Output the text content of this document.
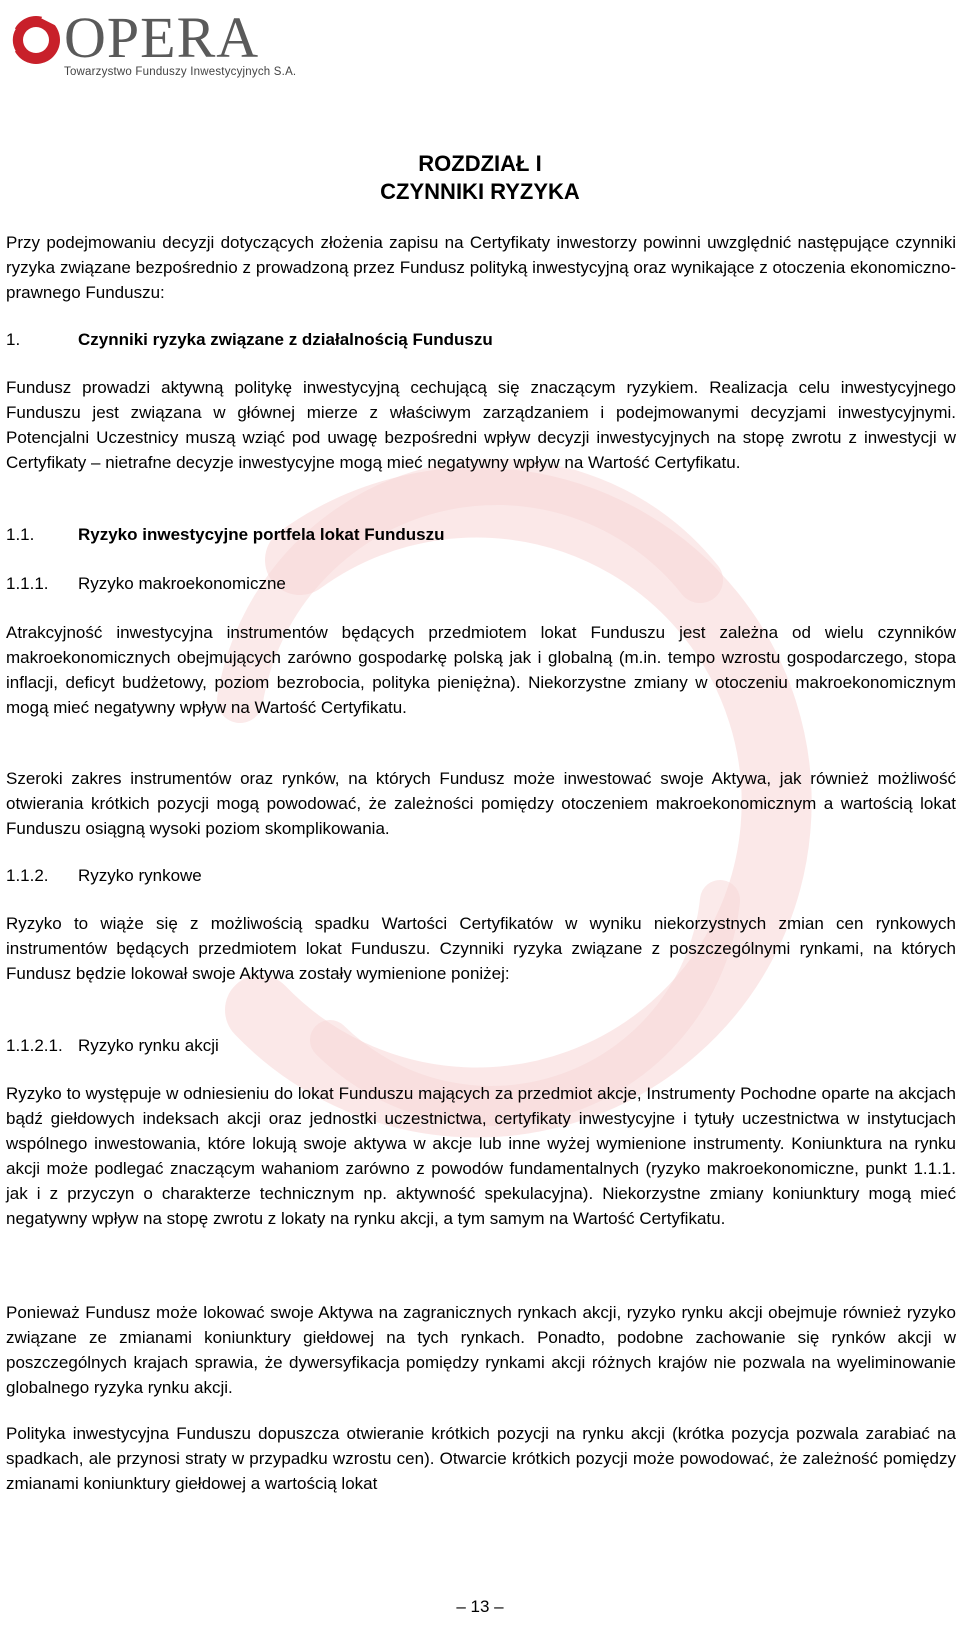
OPERA
Towarzystwo Funduszy Inwestycyjnych S.A.
ROZDZIAŁ I
CZYNNIKI RYZYKA
Przy podejmowaniu decyzji dotyczących złożenia zapisu na Certyfikaty inwestorzy powinni uwzględnić następujące czynniki ryzyka związane bezpośrednio z prowadzoną przez Fundusz polityką inwestycyjną oraz wynikające z otoczenia ekonomiczno-prawnego Funduszu:
1.	Czynniki ryzyka związane z działalnością Funduszu
Fundusz prowadzi aktywną politykę inwestycyjną cechującą się znaczącym ryzykiem. Realizacja celu inwestycyjnego Funduszu jest związana w głównej mierze z właściwym zarządzaniem i podejmowanymi decyzjami inwestycyjnymi. Potencjalni Uczestnicy muszą wziąć pod uwagę bezpośredni wpływ decyzji inwestycyjnych na stopę zwrotu z inwestycji w Certyfikaty – nietrafne decyzje inwestycyjne mogą mieć negatywny wpływ na Wartość Certyfikatu.
1.1.	Ryzyko inwestycyjne portfela lokat Funduszu
1.1.1. Ryzyko makroekonomiczne
Atrakcyjność inwestycyjna instrumentów będących przedmiotem lokat Funduszu jest zależna od wielu czynników makroekonomicznych obejmujących zarówno gospodarkę polską jak i globalną (m.in. tempo wzrostu gospodarczego, stopa inflacji, deficyt budżetowy, poziom bezrobocia, polityka pieniężna). Niekorzystne zmiany w otoczeniu makroekonomicznym mogą mieć negatywny wpływ na Wartość Certyfikatu.
Szeroki zakres instrumentów oraz rynków, na których Fundusz może inwestować swoje Aktywa, jak również możliwość otwierania krótkich pozycji mogą powodować, że zależności pomiędzy otoczeniem makroekonomicznym a wartością lokat Funduszu osiągną wysoki poziom skomplikowania.
1.1.2. Ryzyko rynkowe
Ryzyko to wiąże się z możliwością spadku Wartości Certyfikatów w wyniku niekorzystnych zmian cen rynkowych instrumentów będących przedmiotem lokat Funduszu. Czynniki ryzyka związane z poszczególnymi rynkami, na których Fundusz będzie lokował swoje Aktywa zostały wymienione poniżej:
1.1.2.1. Ryzyko rynku akcji
Ryzyko to występuje w odniesieniu do lokat Funduszu mających za przedmiot akcje, Instrumenty Pochodne oparte na akcjach bądź giełdowych indeksach akcji oraz jednostki uczestnictwa, certyfikaty inwestycyjne i tytuły uczestnictwa w instytucjach wspólnego inwestowania, które lokują swoje aktywa w akcje lub inne wyżej wymienione instrumenty. Koniunktura na rynku akcji może podlegać znaczącym wahaniom zarówno z powodów fundamentalnych (ryzyko makroekonomiczne, punkt 1.1.1. jak i z przyczyn o charakterze technicznym np. aktywność spekulacyjna). Niekorzystne zmiany koniunktury mogą mieć negatywny wpływ na stopę zwrotu z lokaty na rynku akcji, a tym samym na Wartość Certyfikatu.
Ponieważ Fundusz może lokować swoje Aktywa na zagranicznych rynkach akcji, ryzyko rynku akcji obejmuje również ryzyko związane ze zmianami koniunktury giełdowej na tych rynkach. Ponadto, podobne zachowanie się rynków akcji w poszczególnych krajach sprawia, że dywersyfikacja pomiędzy rynkami akcji różnych krajów nie pozwala na wyeliminowanie globalnego ryzyka rynku akcji.
Polityka inwestycyjna Funduszu dopuszcza otwieranie krótkich pozycji na rynku akcji (krótka pozycja pozwala zarabiać na spadkach, ale przynosi straty w przypadku wzrostu cen). Otwarcie krótkich pozycji może powodować, że zależność pomiędzy zmianami koniunktury giełdowej a wartością lokat
– 13 –
